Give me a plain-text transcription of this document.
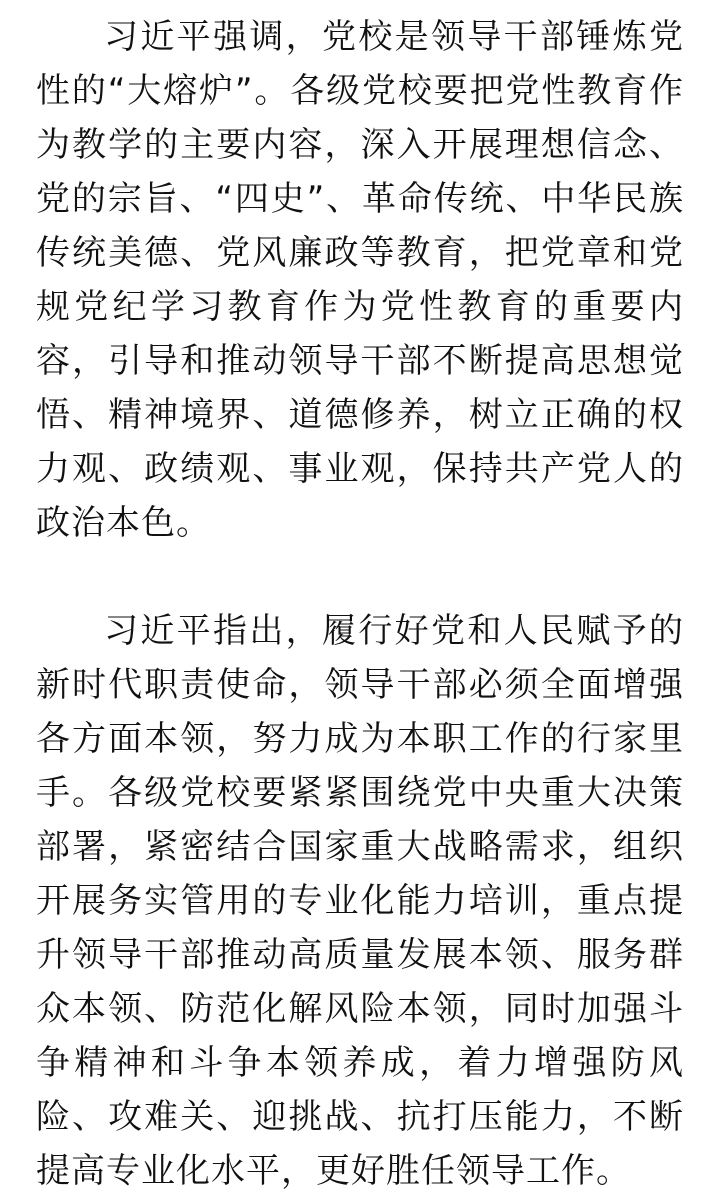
习近平强调，党校是领导干部锤炼党性的“大熔炉”。各级党校要把党性教育作为教学的主要内容，深入开展理想信念、党的宗旨、“四史”、革命传统、中华民族传统美德、党风廉政等教育，把党章和党规党纪学习教育作为党性教育的重要内容，引导和推动领导干部不断提高思想觉悟、精神境界、道德修养，树立正确的权力观、政绩观、事业观，保持共产党人的政治本色。

习近平指出，履行好党和人民赋予的新时代职责使命，领导干部必须全面增强各方面本领，努力成为本职工作的行家里手。各级党校要紧紧围绕党中央重大决策部署，紧密结合国家重大战略需求，组织开展务实管用的专业化能力培训，重点提升领导干部推动高质量发展本领、服务群众本领、防范化解风险本领，同时加强斗争精神和斗争本领养成，着力增强防风险、攻难关、迎挑战、抗打压能力，不断提高专业化水平，更好胜任领导工作。
